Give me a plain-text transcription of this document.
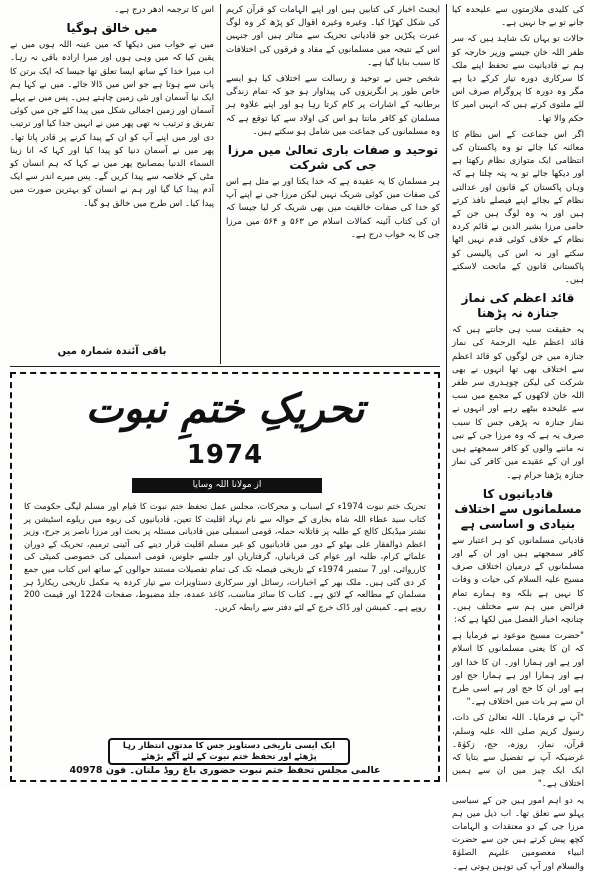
کی کلیدی ملازمتوں سے علیحدہ کیا جانے تو بے جا نہیں ہے۔

حالات تو یہاں تک شاہد ہیں کہ سر ظفر اللہ خان جیسے وزیر خارجہ کو ہم نے قادیانیت سے تحفظ اپنے ملک کا سرکاری دورہ تیار کرکے دیا ہے مگر وہ دورہ کا پروگرام صرف اس لئے ملتوی کرتے ہیں کہ انہیں امیر کا حکم والا تھا۔

اگر اس جماعت کے اس نظام کا معائنہ کیا جائے تو وہ پاکستان کی انتظامی ایک متوازی نظام رکھتا ہے اور دیکھا جائے تو یہ پتہ چلتا ہے کہ وہاں پاکستان کے قانون اور عدالتی نظام کے بجائے اپنے فیصلے نافذ کرتے ہیں اور یہ وہ لوگ ہیں جن کے حامی مرزا بشیر الدین نے قائم کردہ نظام کے خلاف کوئی قدم نہیں اٹھا سکتے اور نہ اس کی پالیسی کو پاکستانی قانون کے ماتحت لاسکتے ہیں۔

قائد اعظم کی نماز جنازہ نہ پڑھنا

یہ حقیقت سب ہی جانتے ہیں کہ قائد اعظم علیہ الرحمۃ کی نماز جنازہ میں جن لوگوں کو قائد اعظم سے اختلاف بھی تھا انہوں نے بھی شرکت کی لیکن چوہدری سر ظفر اللہ خان لاکھوں کے مجمع میں سب سے علیحدہ بیٹھے رہے اور انہوں نے نماز جنازہ نہ پڑھی جس کا سبب صرف یہ ہے کہ وہ مرزا جی کے نبی نہ ماننے والوں کو کافر سمجھتے ہیں اور ان کے عقیدے میں کافر کی نماز جنازہ پڑھنا حرام ہے۔

قادیانیوں کا مسلمانوں سے اختلاف بنیادی و اساسی ہے

قادیانی مسلمانوں کو ہر اعتبار سے کافر سمجھتے ہیں اور ان کے اور مسلمانوں کے درمیان اختلاف صرف مسیح علیہ السلام کی حیات و وفات کا نہیں ہے بلکہ وہ ہمارے تمام فرائض میں ہم سے مختلف ہیں۔ چنانچہ اخبار الفضل میں لکھا ہے کہ:

"حضرت مسیح موعود نے فرمایا ہے کہ ان کا یعنی مسلمانوں کا اسلام اور ہے اور ہمارا اور۔ ان کا خدا اور ہے اور ہمارا اور ہے ہمارا حج اور ہے اور ان کا حج اور ہے اسی طرح ان سے ہر بات میں اختلاف ہے۔"

"آپ نے فرمایا۔ اللہ تعالیٰ کی ذات، رسول کریم صلی اللہ علیہ وسلم، قرآن، نماز، روزہ، حج، زکوٰۃ۔ غرضیکہ آپ نے تفصیل سے بتایا کہ ایک ایک چیز میں ان سے ہمیں اختلاف ہے۔"

یہ دو اہم امور ہیں جن کے سیاسی پہلو سے تعلق تھا۔ اب ذیل میں ہم مرزا جی کے دو معتقدات و الہامات کچھ پیش کرتے ہیں جن سے حضرت انبیاء معصومین علیہم الصلوٰۃ والسلام اور آپ کی توہین ہوتی ہے۔

ایجنٹ اخبار کی کتابیں ہیں اور اپنے الہامات کو قرآن کریم کی شکل کھڑا کیا۔ وغیرہ وغیرہ اقوال کو پڑھ کر وہ لوگ عبرت پکڑیں جو قادیانی تحریک سے متاثر ہیں اور جنہیں اس کے نتیجہ میں مسلمانوں کے مفاد و فرقوں کی اختلافات کا سبب بنایا گیا ہے۔

شخص جس نے توحید و رسالت سے اختلاف کیا ہو ایسے خاص طور پر انگریزوں کی پیداوار ہو جو کہ تمام زندگی برطانیہ کے اشارات پر کام کرتا رہا ہو اور اپنے علاوہ ہر مسلمان کو کافر مانتا ہو اس کی اولاد سے کیا توقع ہے کہ وہ مسلمانوں کی جماعت میں شامل ہو سکتے ہیں۔

توحید و صفات باری تعالیٰ میں مرزا جی کی شرکت

ہر مسلمان کا یہ عقیدہ ہے کہ خدا یکتا اور بے مثل ہے اس کی صفات میں کوئی شریک نہیں لیکن مرزا جی نے اپنے آپ کو خدا کی صفات خالقیت میں بھی شریک کر لیا جیسا کہ ان کی کتاب آئینہ کمالات اسلام ص ۵۶۳ و ۵۶۴ میں مرزا جی کا یہ خواب درج ہے۔

اس کا ترجمہ ادھر درج ہے۔

میں خالق ہوگیا

میں نے خواب میں دیکھا کہ میں عینہ اللہ ہوں میں نے یقین کیا کہ میں وہی ہوں اور میرا ارادہ باقی نہ رہا۔ اب میرا خدا کے ساتھ ایسا تعلق تھا جیسا کہ ایک برتن کا پانی سے ہوتا ہے جو اس میں ڈالا جائے۔ میں نے کہا ہم ایک نیا آسمان اور نئی زمین چاہتے ہیں۔ پس میں نے پہلے آسمان اور زمین اجمالی شکل میں پیدا کئے جن میں کوئی تفریق و ترتیب نہ تھی پھر میں نے انہیں جدا کیا اور ترتیب دی اور میں اپنے آپ کو ان کے پیدا کرنے پر قادر پاتا تھا۔ پھر میں نے آسمان دنیا کو پیدا کیا اور کہا کہ انا زینا السماء الدنیا بمصابیح پھر میں نے کہا کہ ہم انسان کو مٹی کے خلاصہ سے پیدا کریں گے۔ پس میرے اندر سے ایک آدم پیدا کیا گیا اور ہم نے انسان کو بہترین صورت میں پیدا کیا۔ اس طرح میں خالق ہو گیا۔

باقی آئندہ شمارہ میں
تحریکِ ختمِ نبوت
1974
از مولانا اللہ وسایا

تحریک ختم نبوت 1974ء کے اسباب و محرکات، مجلس عمل تحفظ ختم نبوت کا قیام اور مسلم لیگی حکومت کا کتاب سید عطاء اللہ شاہ بخاری کے حوالہ سے نام نہاد اقلیت کا تعین، قادیانیوں کی ربوہ میں ریلوے اسٹیشن پر نشتر میڈیکل کالج کے طلبہ پر قاتلانہ حملہ، قومی اسمبلی میں قادیانی مسئلہ پر بحث اور مرزا ناصر پر جرح، وزیر اعظم ذوالفقار علی بھٹو کے دور میں قادیانیوں کو غیر مسلم اقلیت قرار دینے کی آئینی ترمیم، تحریک کے دوران علمائے کرام، طلبہ اور عوام کی قربانیاں، گرفتاریاں اور جلسے جلوس، قومی اسمبلی کی خصوصی کمیٹی کی کارروائی، اور 7 ستمبر 1974ء کے تاریخی فیصلہ تک کی تمام تفصیلات مستند حوالوں کے ساتھ اس کتاب میں جمع کر دی گئی ہیں۔ ملک بھر کے اخبارات، رسائل اور سرکاری دستاویزات سے تیار کردہ یہ مکمل تاریخی ریکارڈ ہر مسلمان کے مطالعہ کے لائق ہے۔ کتاب کا سائز مناسب، کاغذ عمدہ، جلد مضبوط، صفحات 1224 اور قیمت 200 روپے ہے۔ کمیشن اور ڈاک خرچ کے لئے دفتر سے رابطہ کریں۔

ایک ایسی تاریخی دستاویز جس کا مدتوں انتظار رہا
پڑھئے اور تحفظ ختم نبوت کے لئے آگے بڑھئے
عالمی مجلس تحفظ ختم نبوت حضوری باغ روڈ ملتان۔ فون 40978
